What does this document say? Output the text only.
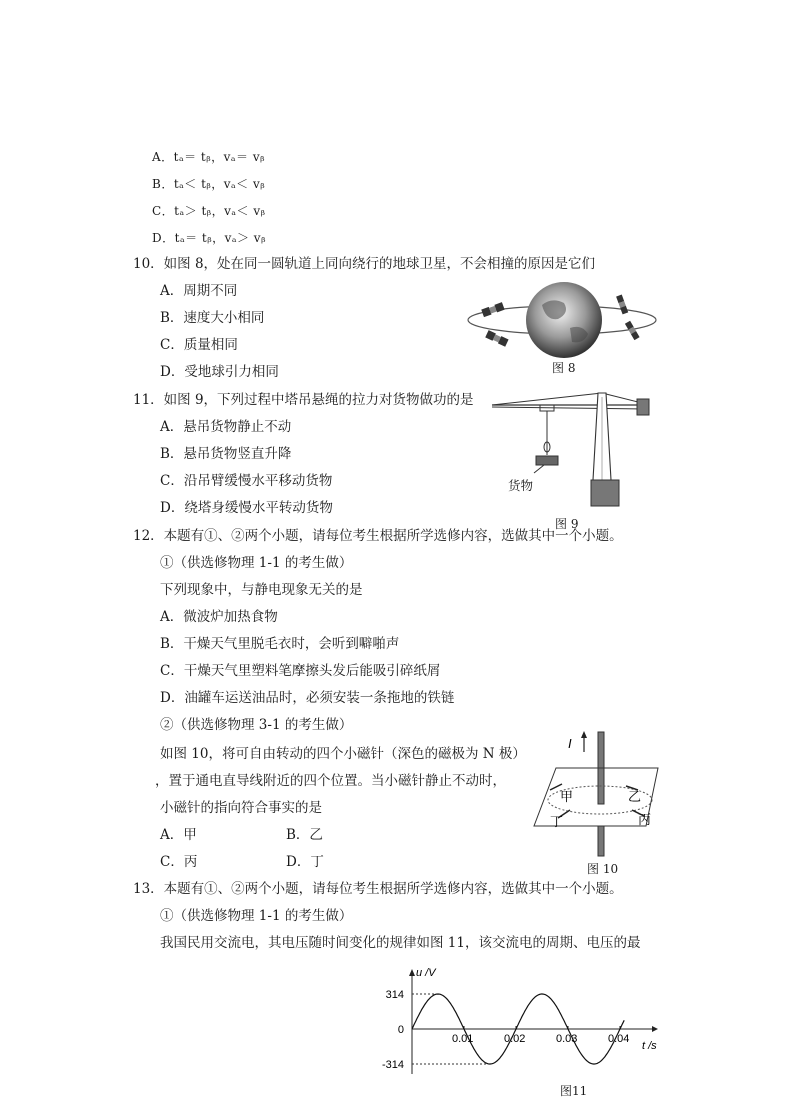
A．tₐ＝ tᵦ，vₐ＝ vᵦ
B．tₐ＜ tᵦ，vₐ＜ vᵦ
C．tₐ＞ tᵦ，vₐ＜ vᵦ
D．tₐ＝ tᵦ，vₐ＞ vᵦ
10．如图 8，处在同一圆轨道上同向绕行的地球卫星，不会相撞的原因是它们
A．周期不同
B．速度大小相同
C．质量相同
D．受地球引力相同	图 8
11．如图 9，下列过程中塔吊悬绳的拉力对货物做功的是
A．悬吊货物静止不动
B．悬吊货物竖直升降
C．沿吊臂缓慢水平移动货物
D．绕塔身缓慢水平转动货物
货物
图 9
12．本题有①、②两个小题，请每位考生根据所学选修内容，选做其中一个小题。
①（供选修物理 1-1 的考生做）
下列现象中，与静电现象无关的是
A．微波炉加热食物
B．干燥天气里脱毛衣时，会听到噼啪声
C．干燥天气里塑料笔摩擦头发后能吸引碎纸屑
D．油罐车运送油品时，必须安装一条拖地的铁链
②（供选修物理 3-1 的考生做）
如图 10，将可自由转动的四个小磁针（深色的磁极为 N 极）
，置于通电直导线附近的四个位置。当小磁针静止不动时，
小磁针的指向符合事实的是
A．甲	B．乙
C．丙	D．丁
I
甲	乙
丁	丙
图 10
13．本题有①、②两个小题，请每位考生根据所学选修内容，选做其中一个小题。
①（供选修物理 1-1 的考生做）
我国民用交流电，其电压随时间变化的规律如图 11，该交流电的周期、电压的最
u /V
t /s
314
0
-314
0.01	0.02	0.03	0.04
图11
